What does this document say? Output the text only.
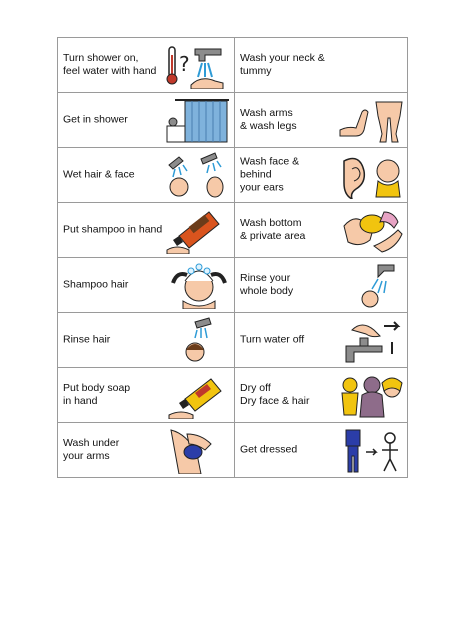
Turn shower on,
feel water with hand ?	Wash your neck & tummy

Get in shower	Wash arms
& wash legs

Wet hair & face	Wash face &
behind
your ears

Put shampoo in hand	Wash bottom
& private area

Shampoo hair	Rinse your
whole body

Rinse hair	Turn water off

Put body soap
in hand	Dry off
Dry face & hair

Wash under
your arms	Get dressed
